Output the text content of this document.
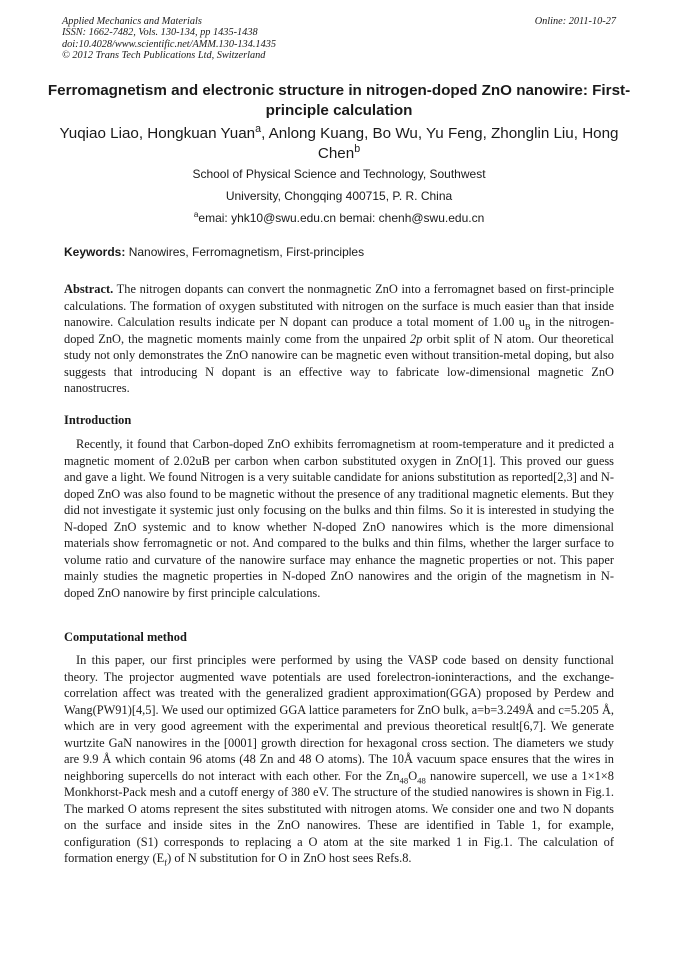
Applied Mechanics and Materials
ISSN: 1662-7482, Vols. 130-134, pp 1435-1438
doi:10.4028/www.scientific.net/AMM.130-134.1435
© 2012 Trans Tech Publications Ltd, Switzerland
Online: 2011-10-27
Ferromagnetism and electronic structure in nitrogen-doped ZnO nanowire: First- principle calculation
Yuqiao Liao, Hongkuan Yuan$^a$, Anlong Kuang, Bo Wu, Yu Feng, Zhonglin Liu, Hong Chen$^b$
School of Physical Science and Technology, Southwest
University, Chongqing 400715, P. R. China
$^a$emai: yhk10@swu.edu.cn bemai: chenh@swu.edu.cn
Keywords: Nanowires, Ferromagnetism, First-principles

Abstract. The nitrogen dopants can convert the nonmagnetic ZnO into a ferromagnet based on first-principle calculations. The formation of oxygen substituted with nitrogen on the surface is much easier than that inside nanowire. Calculation results indicate per N dopant can produce a total moment of 1.00 $u_B$ in the nitrogen-doped ZnO, the magnetic moments mainly come from the unpaired 2p orbit split of N atom. Our theoretical study not only demonstrates the ZnO nanowire can be magnetic even without transition-metal doping, but also suggests that introducing N dopant is an effective way to fabricate low-dimensional magnetic ZnO nanostrucres.

Introduction

Recently, it found that Carbon-doped ZnO exhibits ferromagnetism at room-temperature and it predicted a magnetic moment of 2.02uB per carbon when carbon substituted oxygen in ZnO[1]. This proved our guess and gave a light. We found Nitrogen is a very suitable candidate for anions substitution as reported[2,3] and N-doped ZnO was also found to be magnetic without the presence of any traditional magnetic elements. But they did not investigate it systemic just only focusing on the bulks and thin films. So it is interested in studying the N-doped ZnO systemic and to know whether N-doped ZnO nanowires which is the more dimensional materials show ferromagnetic or not. And compared to the bulks and thin films, whether the larger surface to volume ratio and curvature of the nanowire surface may enhance the magnetic properties or not. This paper mainly studies the magnetic properties in N-doped ZnO nanowires and the origin of the magnetism in N-doped ZnO nanowire by first principle calculations.

Computational method

In this paper, our first principles were performed by using the VASP code based on density functional theory. The projector augmented wave potentials are used forelectron-ioninteractions, and the exchange-correlation affect was treated with the generalized gradient approximation(GGA) proposed by Perdew and Wang(PW91)[4,5]. We used our optimized GGA lattice parameters for ZnO bulk, a=b=3.249Å and c=5.205 Å, which are in very good agreement with the experimental and previous theoretical result[6,7]. We generate wurtzite GaN nanowires in the [0001] growth direction for hexagonal cross section. The diameters we study are 9.9 Å which contain 96 atoms (48 Zn and 48 O atoms). The 10Å vacuum space ensures that the wires in neighboring supercells do not interact with each other. For the $Zn_{48}O_{48}$ nanowire supercell, we use a 1×1×8 Monkhorst-Pack mesh and a cutoff energy of 380 eV. The structure of the studied nanowires is shown in Fig.1. The marked O atoms represent the sites substituted with nitrogen atoms. We consider one and two N dopants on the surface and inside sites in the ZnO nanowires. These are identified in Table 1, for example, configuration (S1) corresponds to replacing a O atom at the site marked 1 in Fig.1. The calculation of formation energy $(E_f)$ of N substitution for O in ZnO host sees Refs.8.
